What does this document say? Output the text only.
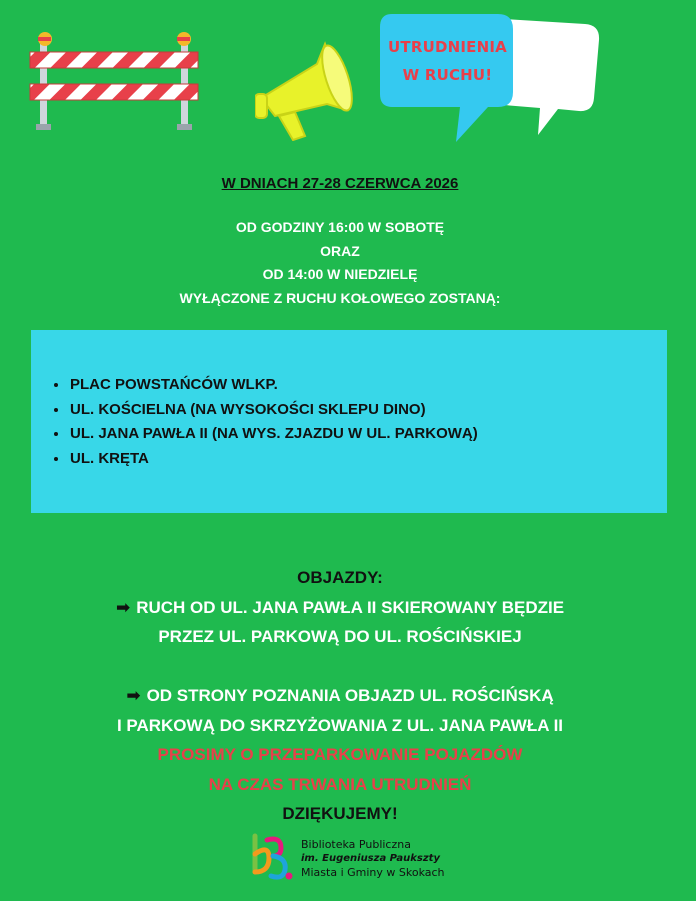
UTRUDNIENIA
W RUCHU!
W DNIACH 27-28 CZERWCA 2026
OD GODZINY 16:00 W SOBOTĘ
ORAZ
OD 14:00 W NIEDZIELĘ
WYŁĄCZONE Z RUCHU KOŁOWEGO ZOSTANĄ:
• PLAC POWSTAŃCÓW WLKP.
• UL. KOŚCIELNA (NA WYSOKOŚCI SKLEPU DINO)
• UL. JANA PAWŁA II (NA WYS. ZJAZDU W UL. PARKOWĄ)
• UL. KRĘTA
OBJAZDY:
➡ RUCH OD UL. JANA PAWŁA II SKIEROWANY BĘDZIE
PRZEZ UL. PARKOWĄ DO UL. ROŚCIŃSKIEJ
➡ OD STRONY POZNANIA OBJAZD UL. ROŚCIŃSKĄ
I PARKOWĄ DO SKRZYŻOWANIA Z UL. JANA PAWŁA II
PROSIMY O PRZEPARKOWANIE POJAZDÓW
NA CZAS TRWANIA UTRUDNIEŃ
DZIĘKUJEMY!
Biblioteka Publiczna
im. Eugeniusza Paukszty
Miasta i Gminy w Skokach
